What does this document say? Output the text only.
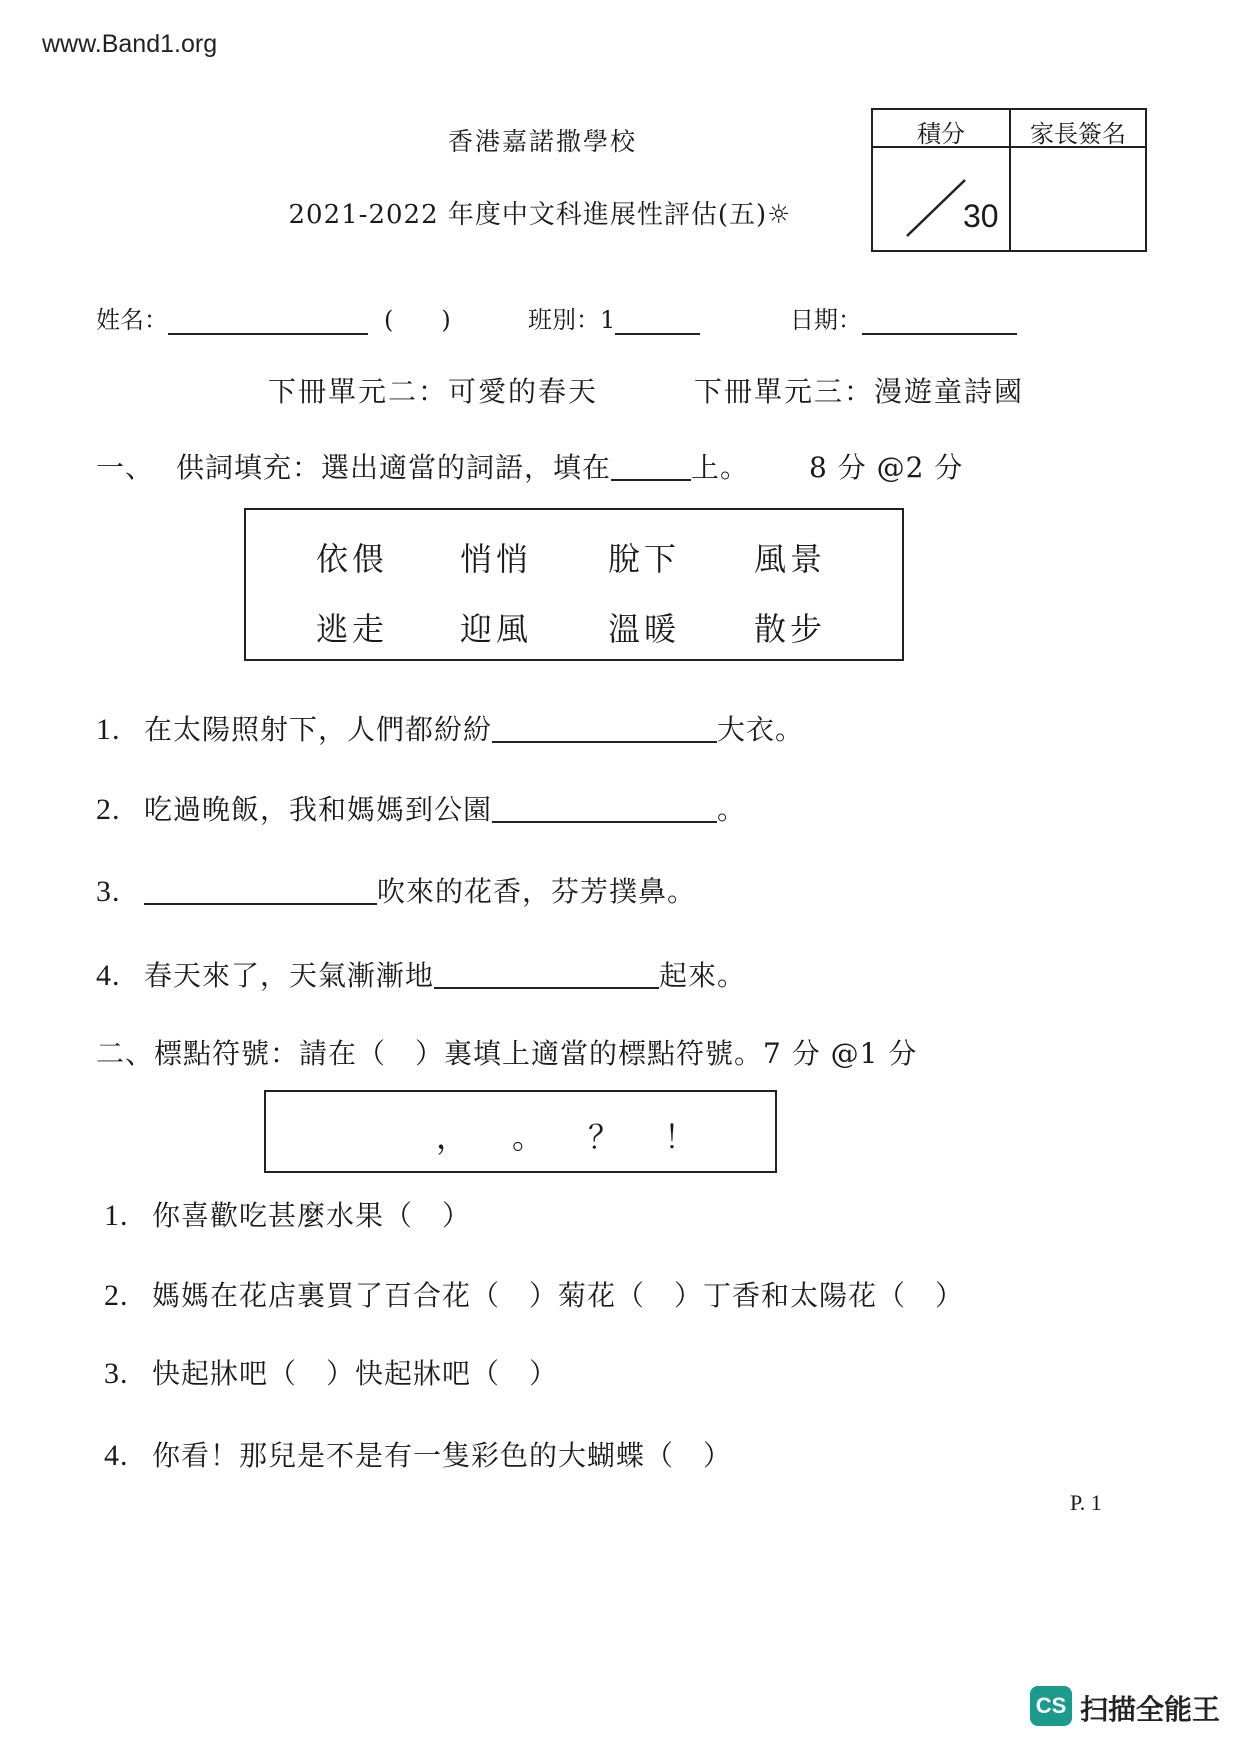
www.Band1.org
香港嘉諾撒學校
2021-2022 年度中文科進展性評估(五)☼
積分	家長簽名
30
姓名：	(　　)	班別：1	日期：
下冊單元二：可愛的春天	下冊單元三：漫遊童詩國
一、 供詞填充：選出適當的詞語，填在	上。 8 分 @2 分
依偎 悄悄 脫下 風景
逃走 迎風 溫暖 散步
1. 在太陽照射下，人們都紛紛	大衣。
2. 吃過晚飯，我和媽媽到公園	。
3.	吹來的花香，芬芳撲鼻。
4. 春天來了，天氣漸漸地	起來。
二、標點符號：請在（　）裏填上適當的標點符號。7 分 @1 分
， 。 ？ ！
1. 你喜歡吃甚麼水果（　）
2. 媽媽在花店裏買了百合花（　）菊花（　）丁香和太陽花（　）
3. 快起牀吧（　）快起牀吧（　）
4. 你看！那兒是不是有一隻彩色的大蝴蝶（　）
P. 1
CS 扫描全能王
